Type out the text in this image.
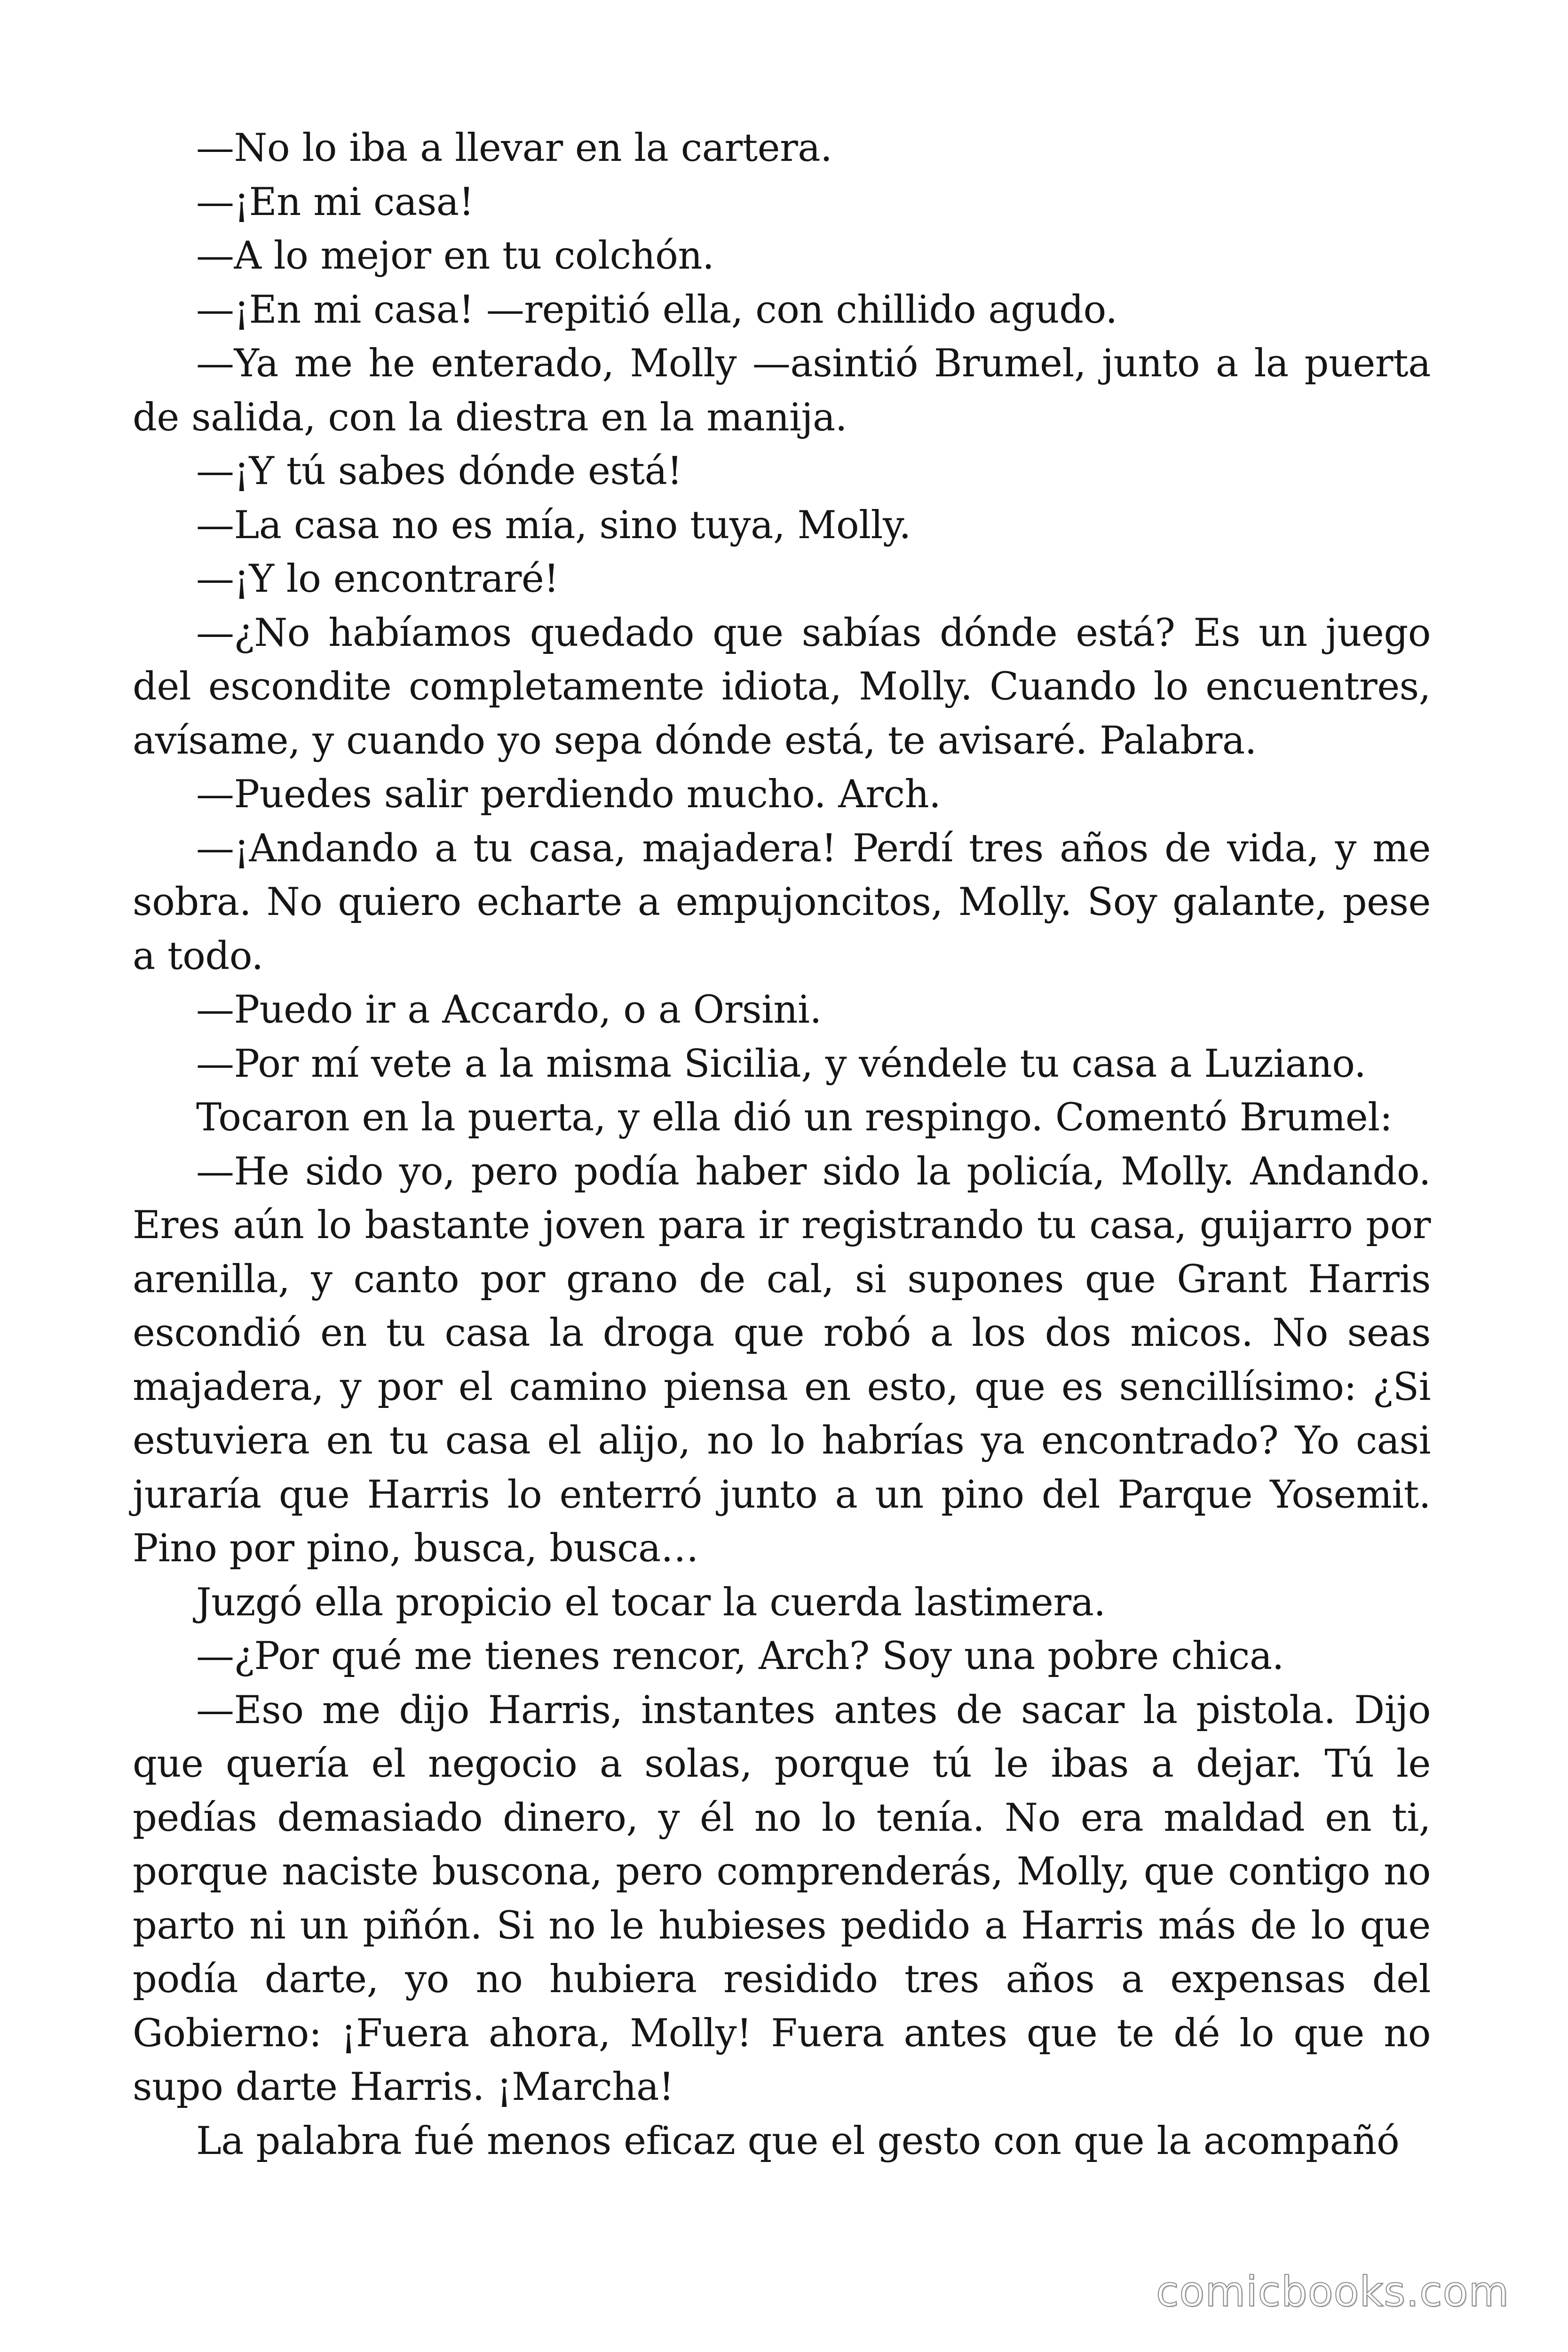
—No lo iba a llevar en la cartera.

—¡En mi casa!

—A lo mejor en tu colchón.

—¡En mi casa! —repitió ella, con chillido agudo.

—Ya me he enterado, Molly —asintió Brumel, junto a la puerta de salida, con la diestra en la manija.

—¡Y tú sabes dónde está!

—La casa no es mía, sino tuya, Molly.

—¡Y lo encontraré!

—¿No habíamos quedado que sabías dónde está? Es un juego del escondite completamente idiota, Molly. Cuando lo encuentres, avísame, y cuando yo sepa dónde está, te avisaré. Palabra.

—Puedes salir perdiendo mucho. Arch.

—¡Andando a tu casa, majadera! Perdí tres años de vida, y me sobra. No quiero echarte a empujoncitos, Molly. Soy galante, pese a todo.

—Puedo ir a Accardo, o a Orsini.

—Por mí vete a la misma Sicilia, y véndele tu casa a Luziano.

Tocaron en la puerta, y ella dió un respingo. Comentó Brumel:

—He sido yo, pero podía haber sido la policía, Molly. Andando. Eres aún lo bastante joven para ir registrando tu casa, guijarro por arenilla, y canto por grano de cal, si supones que Grant Harris escondió en tu casa la droga que robó a los dos micos. No seas majadera, y por el camino piensa en esto, que es sencillísimo: ¿Si estuviera en tu casa el alijo, no lo habrías ya encontrado? Yo casi juraría que Harris lo enterró junto a un pino del Parque Yosemit. Pino por pino, busca, busca…

Juzgó ella propicio el tocar la cuerda lastimera.

—¿Por qué me tienes rencor, Arch? Soy una pobre chica.

—Eso me dijo Harris, instantes antes de sacar la pistola. Dijo que quería el negocio a solas, porque tú le ibas a dejar. Tú le pedías demasiado dinero, y él no lo tenía. No era maldad en ti, porque naciste buscona, pero comprenderás, Molly, que contigo no parto ni un piñón. Si no le hubieses pedido a Harris más de lo que podía darte, yo no hubiera residido tres años a expensas del Gobierno: ¡Fuera ahora, Molly! Fuera antes que te dé lo que no supo darte Harris. ¡Marcha!

La palabra fué menos eficaz que el gesto con que la acompañó

comicbooks.com
